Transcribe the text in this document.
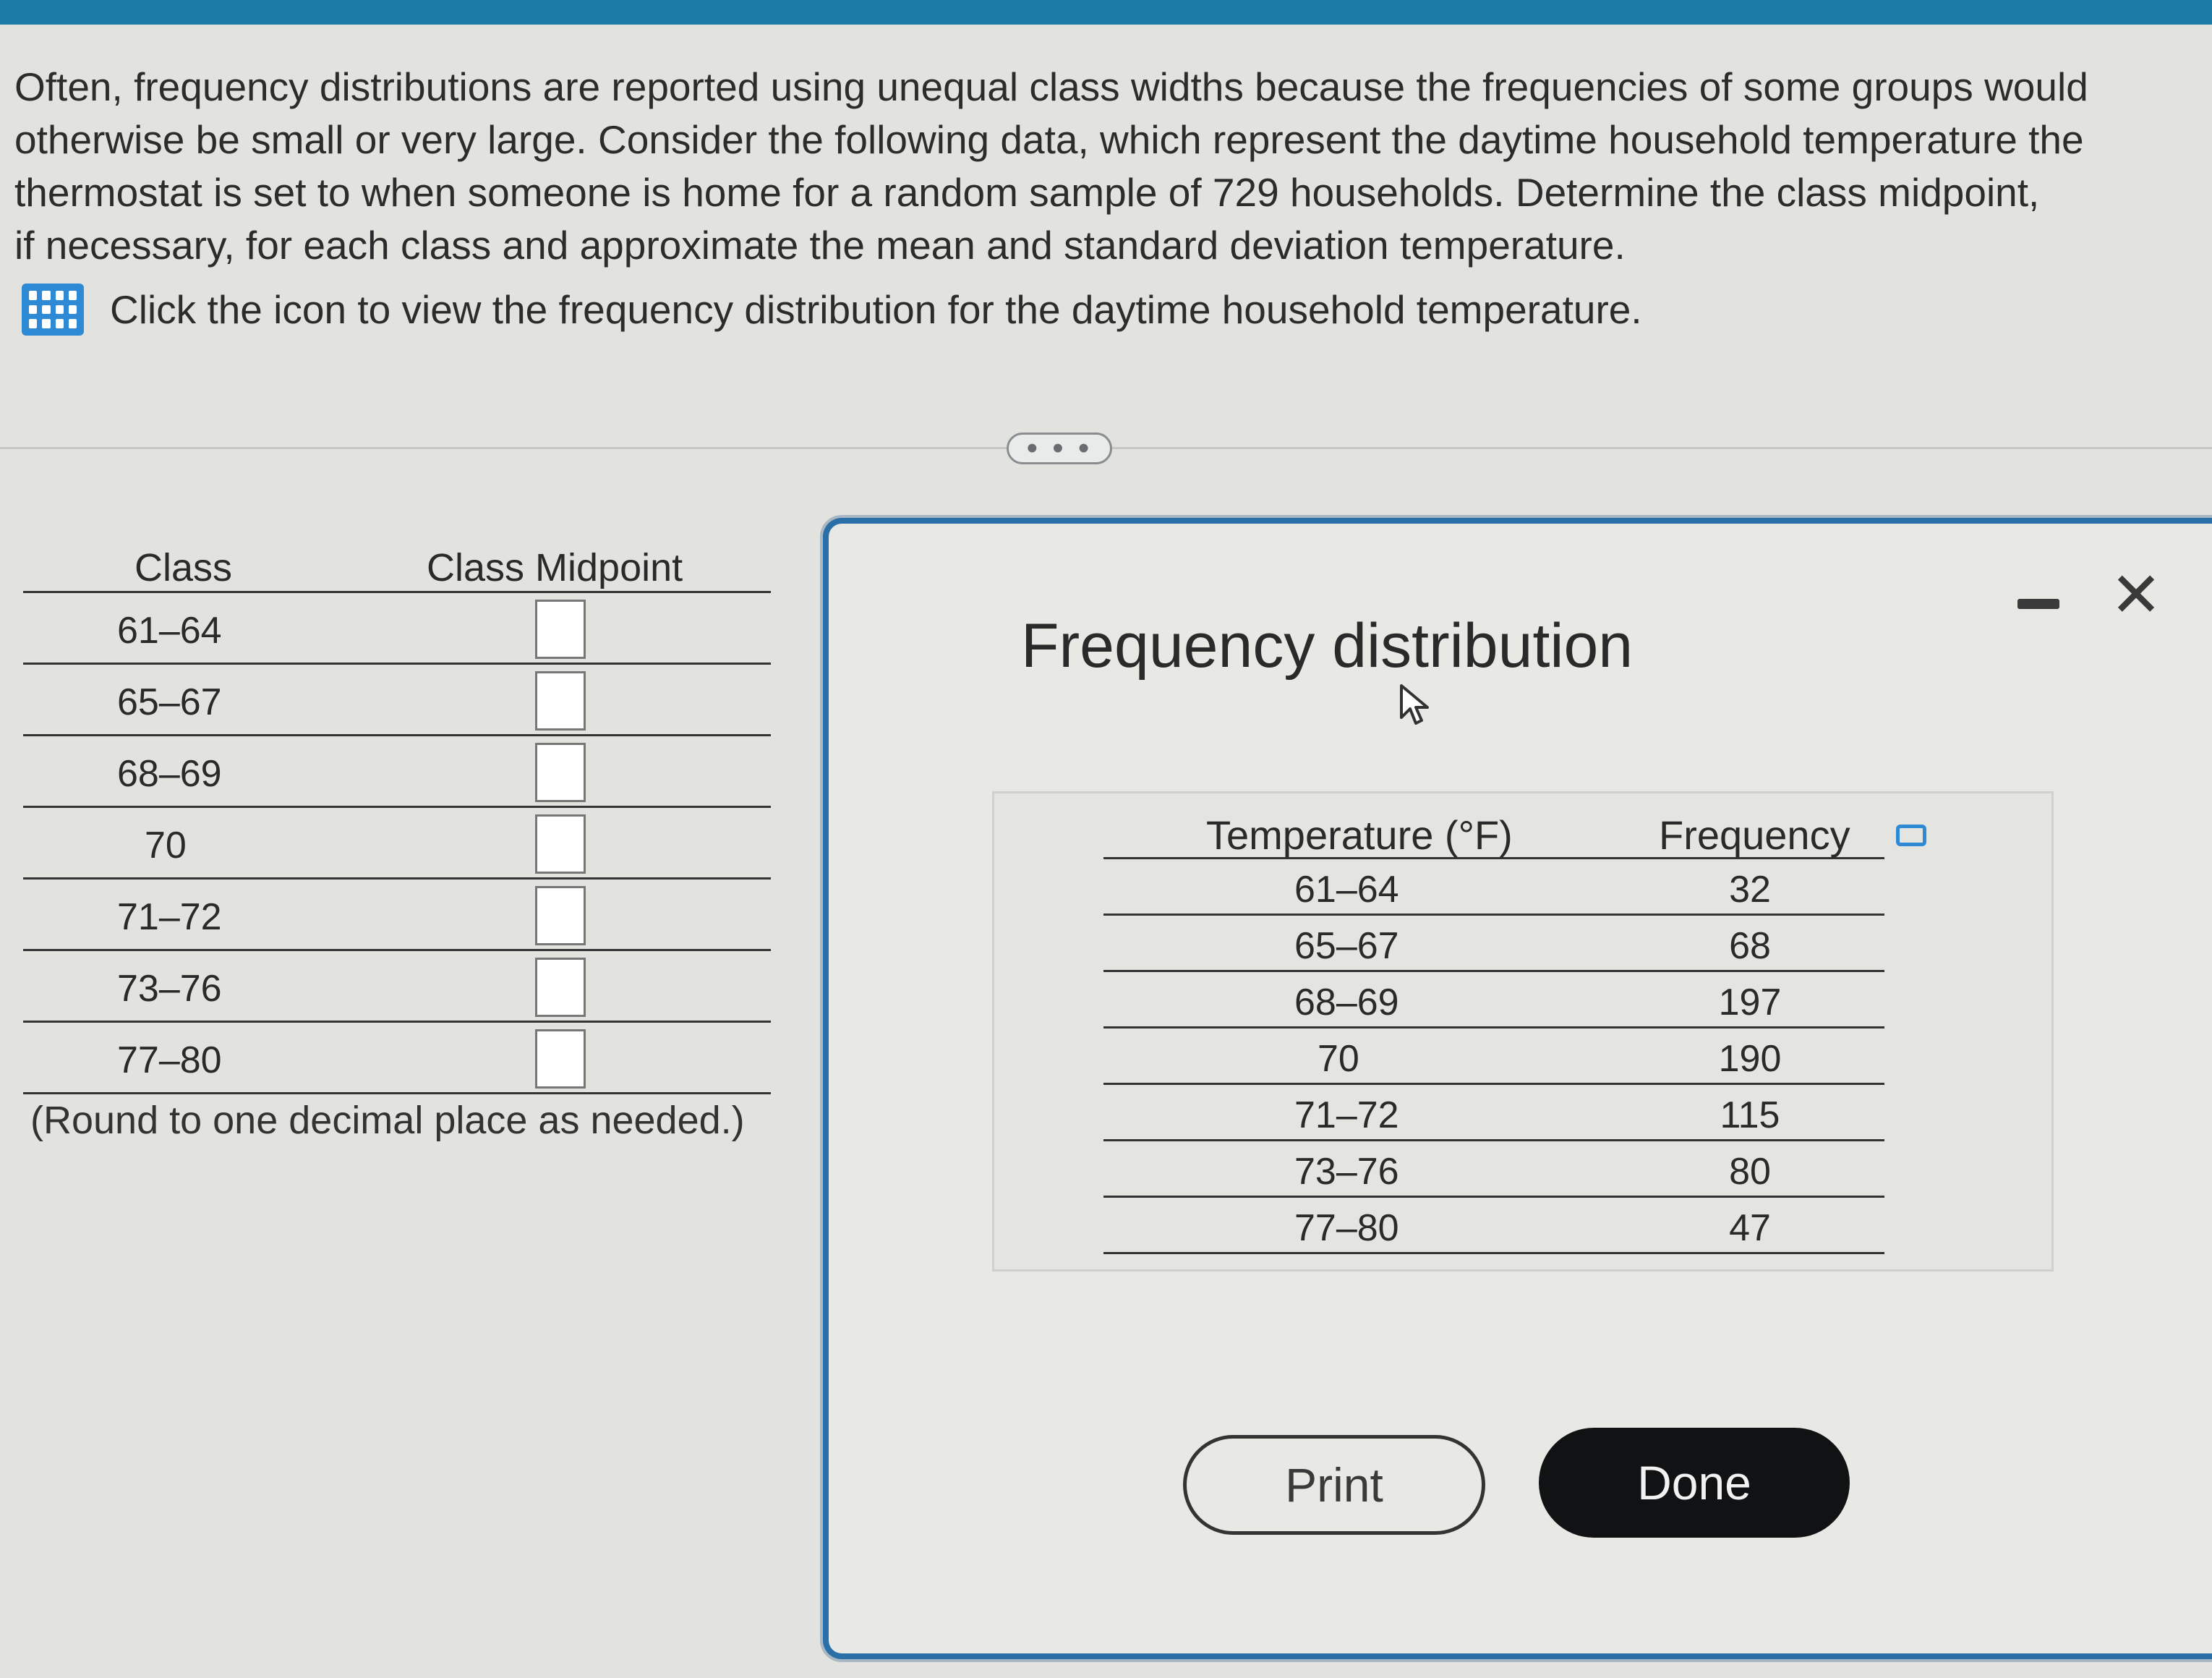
Often, frequency distributions are reported using unequal class widths because the frequencies of some groups would

otherwise be small or very large. Consider the following data, which represent the daytime household temperature the

thermostat is set to when someone is home for a random sample of 729 households. Determine the class midpoint,

if necessary, for each class and approximate the mean and standard deviation temperature.

Click the icon to view the frequency distribution for the daytime household temperature.
• • •
Class	Class Midpoint
61–64
65–67
68–69
70
71–72
73–76
77–80
(Round to one decimal place as needed.)
Frequency distribution
✕
Temperature (°F)	Frequency
61–64	32
65–67	68
68–69	197
70	190
71–72	115
73–76	80
77–80	47
Print	Done
